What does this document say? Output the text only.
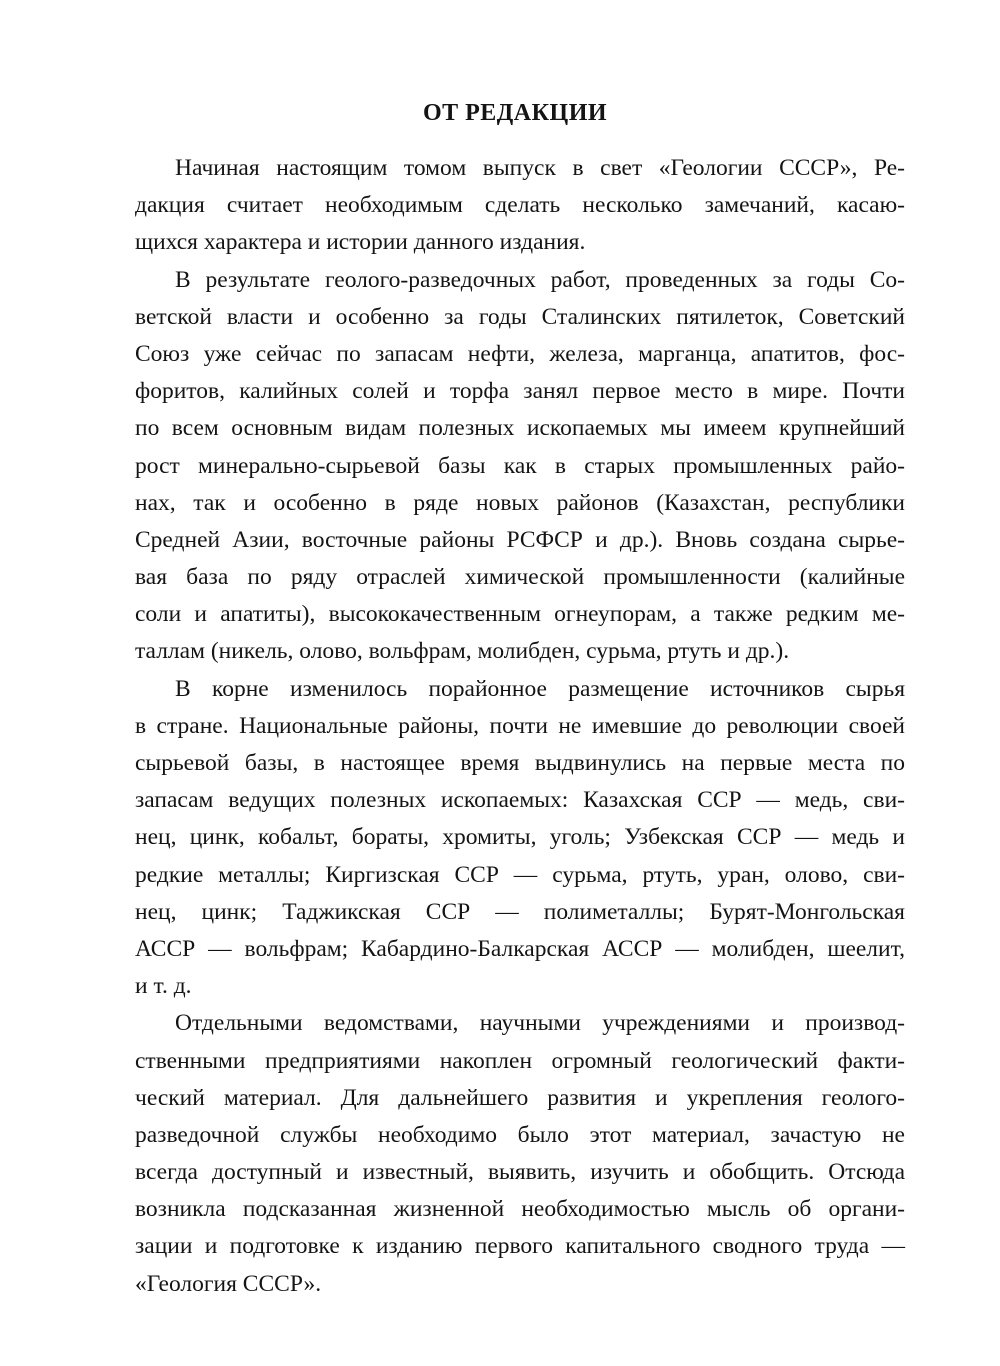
ОТ РЕДАКЦИИ
Начиная настоящим томом выпуск в свет «Геологии СССР», Ре-
дакция считает необходимым сделать несколько замечаний, касаю-
щихся характера и истории данного издания.
В результате геолого-разведочных работ, проведенных за годы Со-
ветской власти и особенно за годы Сталинских пятилеток, Советский
Союз уже сейчас по запасам нефти, железа, марганца, апатитов, фос-
форитов, калийных солей и торфа занял первое место в мире. Почти
по всем основным видам полезных ископаемых мы имеем крупнейший
рост минерально-сырьевой базы как в старых промышленных райо-
нах, так и особенно в ряде новых районов (Казахстан, республики
Средней Азии, восточные районы РСФСР и др.). Вновь создана сырье-
вая база по ряду отраслей химической промышленности (калийные
соли и апатиты), высококачественным огнеупорам, а также редким ме-
таллам (никель, олово, вольфрам, молибден, сурьма, ртуть и др.).
В корне изменилось порайонное размещение источников сырья
в стране. Национальные районы, почти не имевшие до революции своей
сырьевой базы, в настоящее время выдвинулись на первые места по
запасам ведущих полезных ископаемых: Казахская ССР — медь, сви-
нец, цинк, кобальт, бораты, хромиты, уголь; Узбекская ССР — медь и
редкие металлы; Киргизская ССР — сурьма, ртуть, уран, олово, сви-
нец, цинк; Таджикская ССР — полиметаллы; Бурят-Монгольская
АССР — вольфрам; Кабардино-Балкарская АССР — молибден, шеелит,
и т. д.
Отдельными ведомствами, научными учреждениями и производ-
ственными предприятиями накоплен огромный геологический факти-
ческий материал. Для дальнейшего развития и укрепления геолого-
разведочной службы необходимо было этот материал, зачастую не
всегда доступный и известный, выявить, изучить и обобщить. Отсюда
возникла подсказанная жизненной необходимостью мысль об органи-
зации и подготовке к изданию первого капитального сводного труда —
«Геология СССР».
